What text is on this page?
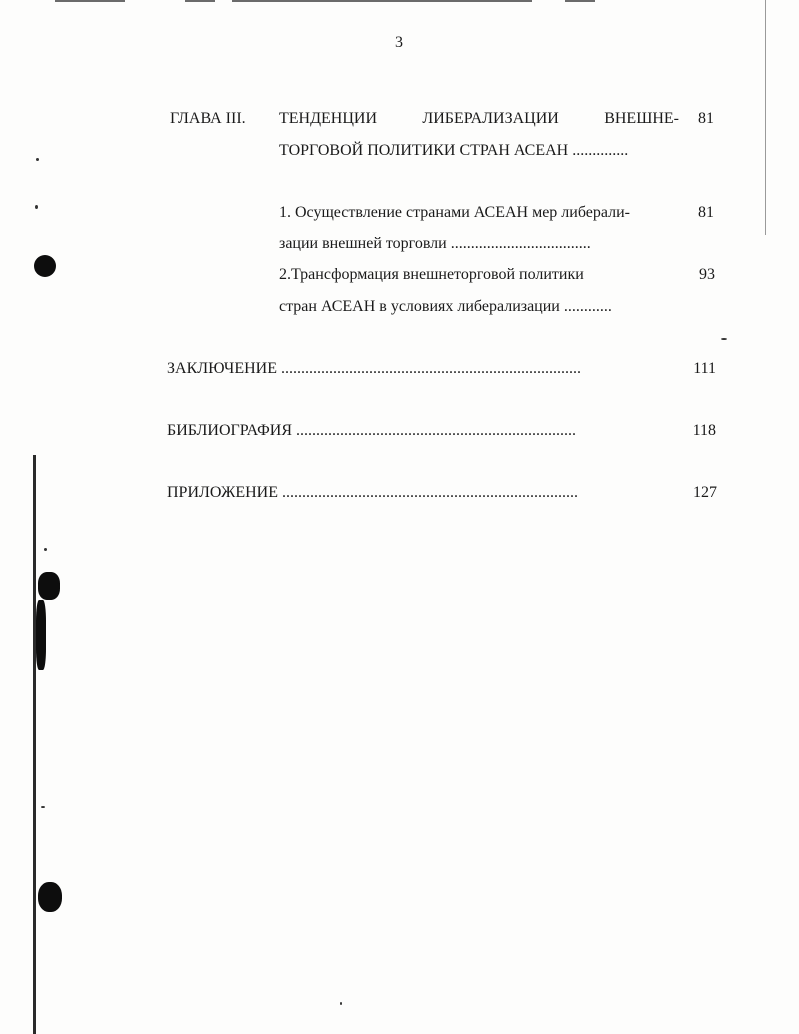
3
ГЛАВА III. ТЕНДЕНЦИИ	ЛИБЕРАЛИЗАЦИИ	ВНЕШНЕ-	81
ТОРГОВОЙ ПОЛИТИКИ СТРАН АСЕАН ..............
1. Осуществление странами АСЕАН мер либерали-	81
зации внешней торговли ...................................
2.Трансформация внешнеторговой политики	93
стран АСЕАН в условиях либерализации ............
ЗАКЛЮЧЕНИЕ ...........................................................................	111
БИБЛИОГРАФИЯ ......................................................................	118
ПРИЛОЖЕНИЕ ..........................................................................	127
